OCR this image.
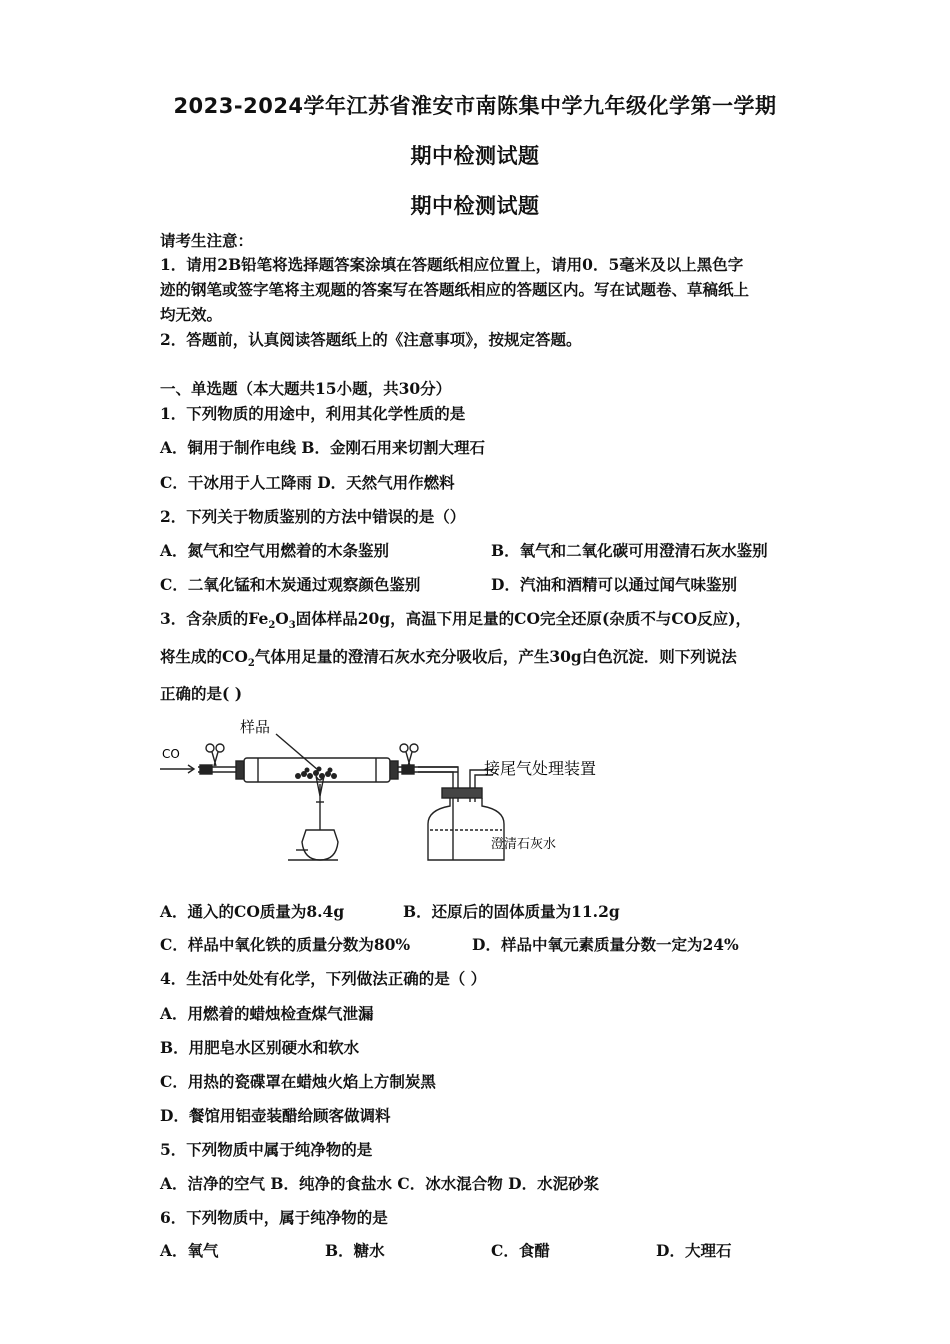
2023-2024学年江苏省淮安市南陈集中学九年级化学第一学期
期中检测试题
期中检测试题
请考生注意：
1．请用2B铅笔将选择题答案涂填在答题纸相应位置上，请用0．5毫米及以上黑色字
迹的钢笔或签字笔将主观题的答案写在答题纸相应的答题区内。写在试题卷、草稿纸上
均无效。
2．答题前，认真阅读答题纸上的《注意事项》，按规定答题。
一、单选题（本大题共15小题，共30分）
1．下列物质的用途中，利用其化学性质的是
A．铜用于制作电线 B．金刚石用来切割大理石
C．干冰用于人工降雨 D．天然气用作燃料
2．下列关于物质鉴别的方法中错误的是（）
A．氮气和空气用燃着的木条鉴别	B．氧气和二氧化碳可用澄清石灰水鉴别
C．二氧化锰和木炭通过观察颜色鉴别	D．汽油和酒精可以通过闻气味鉴别
3．含杂质的$Fe_2O_3$固体样品20g，高温下用足量的CO完全还原(杂质不与CO反应)，
将生成的$CO_2$气体用足量的澄清石灰水充分吸收后，产生30g白色沉淀．则下列说法
正确的是( )
CO
样品
接尾气处理装置
澄清石灰水
A．通入的CO质量为8.4g	B．还原后的固体质量为11.2g
C．样品中氧化铁的质量分数为80%	D．样品中氧元素质量分数一定为24%
4．生活中处处有化学，下列做法正确的是（ ）
A．用燃着的蜡烛检查煤气泄漏
B．用肥皂水区别硬水和软水
C．用热的瓷碟罩在蜡烛火焰上方制炭黑
D．餐馆用铝壶装醋给顾客做调料
5．下列物质中属于纯净物的是
A．洁净的空气 B．纯净的食盐水 C．冰水混合物 D．水泥砂浆
6．下列物质中，属于纯净物的是
A．氧气	B．糖水	C．食醋	D．大理石
